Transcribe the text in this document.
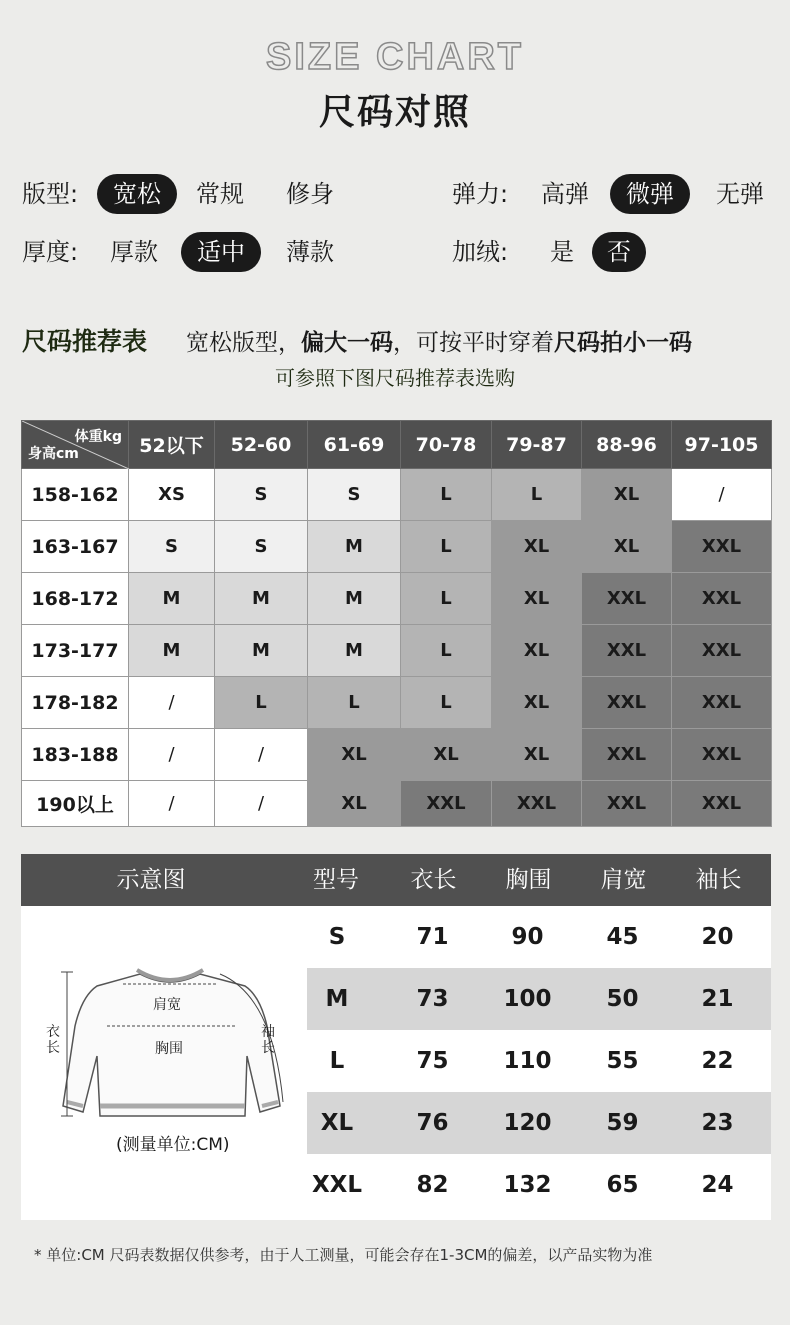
SIZE CHART
尺码对照
版型:	宽松	常规 修身	弹力: 高弹	微弹	无弹
厚度: 厚款	适中	薄款	加绒: 是	否
尺码推荐表 宽松版型，偏大一码，可按平时穿着尺码拍小一码
可参照下图尺码推荐表选购
体重kg
身高cm	52以下	52-60	61-69	70-78	79-87	88-96	97-105
158-162	XS	S	S	L	L	XL	/
163-167	S	S	M	L	XL	XL	XXL
168-172	M	M	M	L	XL	XXL	XXL
173-177	M	M	M	L	XL	XXL	XXL
178-182	/	L	L	L	XL	XXL	XXL
183-188	/	/	XL	XL	XL	XXL	XXL
190以上	/	/	XL	XXL	XXL	XXL	XXL
示意图	型号	衣长	胸围	肩宽	袖长
肩宽
胸围
衣长
袖长
(测量单位:CM)
S	71	90	45	20
M	73	100	50	21
L	75	110	55	22
XL	76	120	59	23
XXL	82	132	65	24
* 单位:CM 尺码表数据仅供参考，由于人工测量，可能会存在1-3CM的偏差，以产品实物为准
